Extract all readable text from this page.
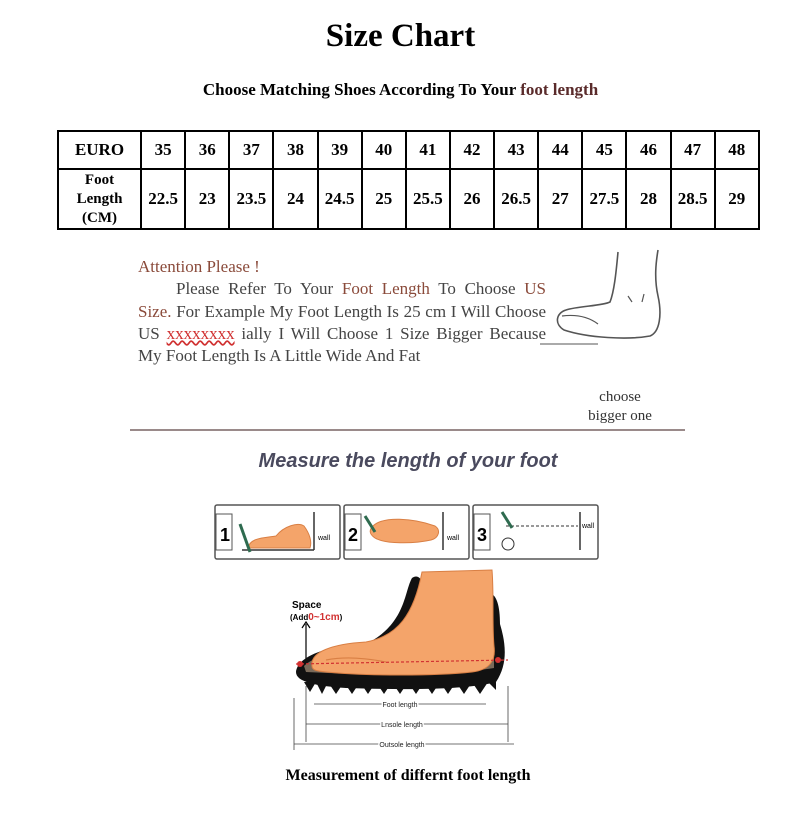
Size Chart
Choose Matching Shoes According To Your foot length
EURO	35	36	37	38	39	40	41	42	43	44	45	46	47	48
Foot
Length
(CM)	22.5	23	23.5	24	24.5	25	25.5	26	26.5	27	27.5	28	28.5	29

Attention Please !

Please Refer To Your Foot Length To Choose US Size. For Example My Foot Length Is 25 cm I Will Choose US xxxxxxxx ially I Will Choose 1 Size Bigger Because My Foot Length Is A Little Wide And Fat

choose
bigger one
Measure the length of your foot
1	wall 2	wall 3	wall
Space
(Add0~1cm)
Foot length
Lnsole length
Outsole length
Measurement of differnt foot length
